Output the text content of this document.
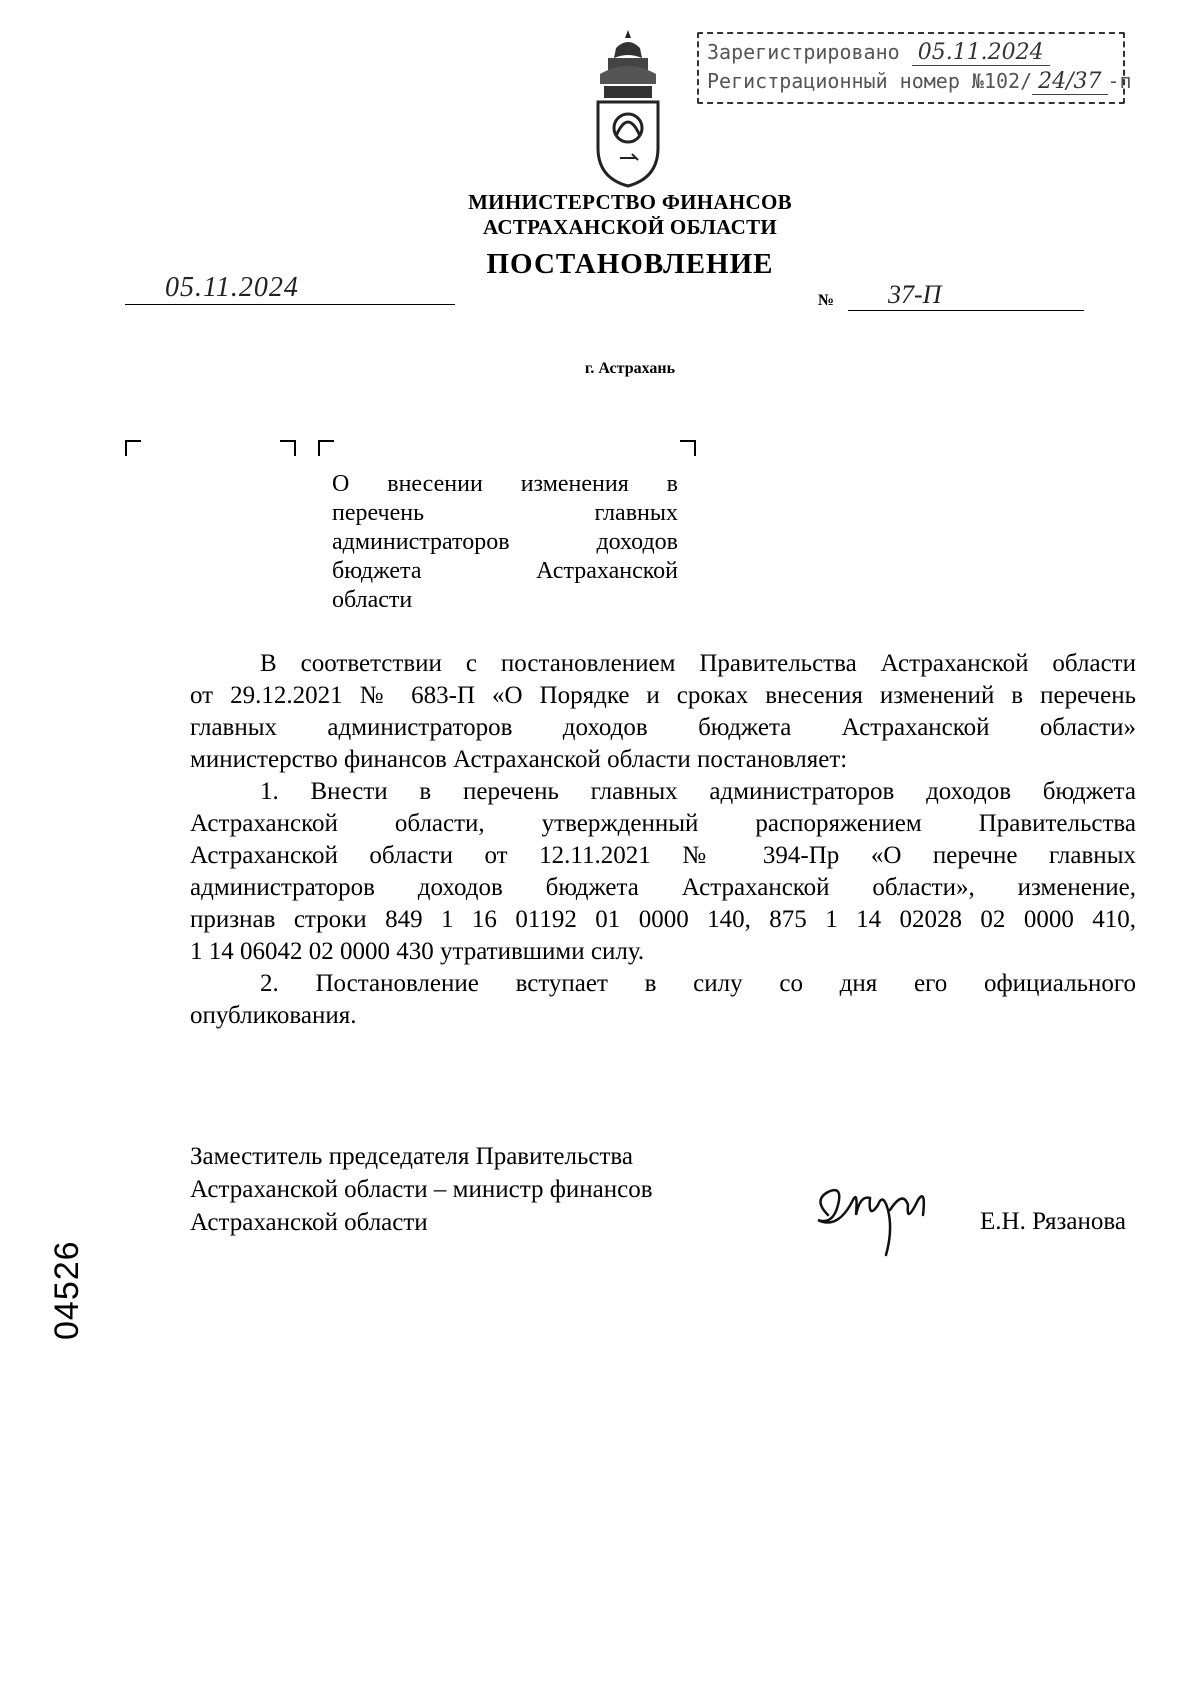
Зарегистрировано 05.11.2024
Регистрационный номер №102/ 24/37 -п
МИНИСТЕРСТВО ФИНАНСОВ
АСТРАХАНСКОЙ ОБЛАСТИ
ПОСТАНОВЛЕНИЕ
05.11.2024	№ 37-П
г. Астрахань
О внесении изменения в
перечень главных
администраторов доходов
бюджета Астраханской
области
В соответствии с постановлением Правительства Астраханской области
от 29.12.2021 № 683-П «О Порядке и сроках внесения изменений в перечень
главных администраторов доходов бюджета Астраханской области»
министерство финансов Астраханской области постановляет:
1. Внести в перечень главных администраторов доходов бюджета
Астраханской области, утвержденный распоряжением Правительства
Астраханской области от 12.11.2021 № 394-Пр «О перечне главных
администраторов доходов бюджета Астраханской области», изменение,
признав строки 849 1 16 01192 01 0000 140, 875 1 14 02028 02 0000 410,
1 14 06042 02 0000 430 утратившими силу.
2. Постановление вступает в силу со дня его официального
опубликования.
Заместитель председателя Правительства
Астраханской области – министр финансов
Астраханской области	Е.Н. Рязанова
04526
